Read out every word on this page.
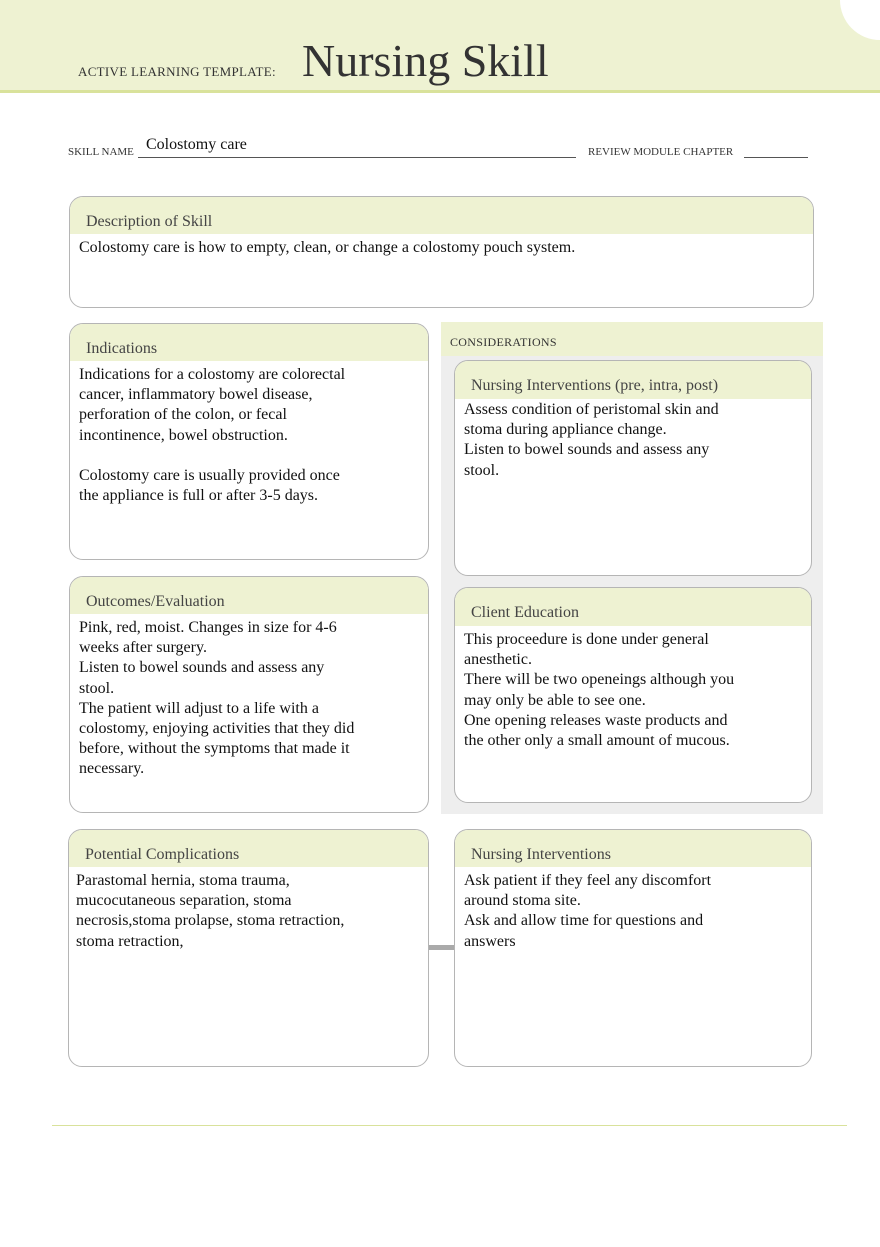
ACTIVE LEARNING TEMPLATE: Nursing Skill
SKILL NAME Colostomy care	REVIEW MODULE CHAPTER
Description of Skill
Colostomy care is how to empty, clean, or change a colostomy pouch system.
Indications
Indications for a colostomy are colorectal
cancer, inflammatory bowel disease,
perforation of the colon, or fecal
incontinence, bowel obstruction.

Colostomy care is usually provided once
the appliance is full or after 3-5 days.
Outcomes/Evaluation
Pink, red, moist. Changes in size for 4-6
weeks after surgery.
Listen to bowel sounds and assess any
stool.
The patient will adjust to a life with a
colostomy, enjoying activities that they did
before, without the symptoms that made it
necessary.
CONSIDERATIONS
Nursing Interventions (pre, intra, post)
Assess condition of peristomal skin and
stoma during appliance change.
Listen to bowel sounds and assess any
stool.
Client Education
This proceedure is done under general
anesthetic.
There will be two openeings although you
may only be able to see one.
One opening releases waste products and
the other only a small amount of mucous.
Potential Complications
Parastomal hernia, stoma trauma,
mucocutaneous separation, stoma
necrosis,stoma prolapse, stoma retraction,
stoma retraction,
Nursing Interventions
Ask patient if they feel any discomfort
around stoma site.
Ask and allow time for questions and
answers
